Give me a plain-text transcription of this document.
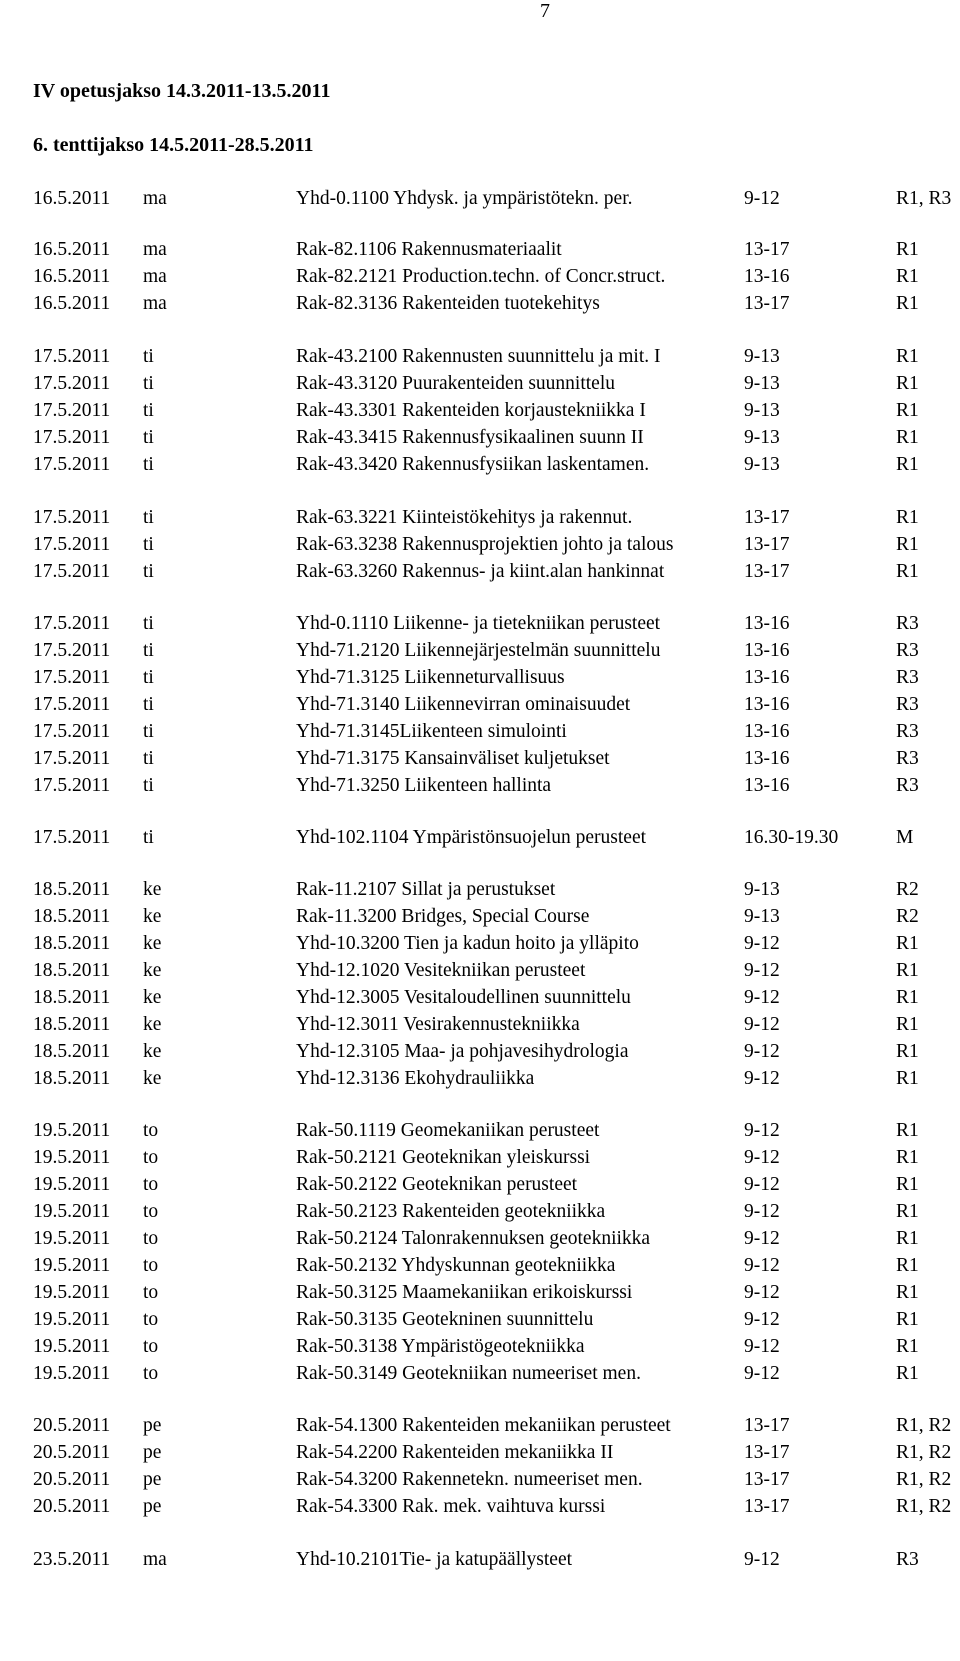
7
IV opetusjakso 14.3.2011-13.5.2011
6. tenttijakso 14.5.2011-28.5.2011
16.5.2011 ma	Yhd-0.1100 Yhdysk. ja ympäristötekn. per.	9-12	R1, R3
16.5.2011 ma	Rak-82.1106 Rakennusmateriaalit	13-17	R1
16.5.2011 ma	Rak-82.2121 Production.techn. of Concr.struct.	13-16	R1
16.5.2011 ma	Rak-82.3136 Rakenteiden tuotekehitys	13-17	R1
17.5.2011 ti	Rak-43.2100 Rakennusten suunnittelu ja mit. I	9-13	R1
17.5.2011 ti	Rak-43.3120 Puurakenteiden suunnittelu	9-13	R1
17.5.2011 ti	Rak-43.3301 Rakenteiden korjaustekniikka I	9-13	R1
17.5.2011 ti	Rak-43.3415 Rakennusfysikaalinen suunn II	9-13	R1
17.5.2011 ti	Rak-43.3420 Rakennusfysiikan laskentamen.	9-13	R1
17.5.2011 ti	Rak-63.3221 Kiinteistökehitys ja rakennut.	13-17	R1
17.5.2011 ti	Rak-63.3238 Rakennusprojektien johto ja talous	13-17	R1
17.5.2011 ti	Rak-63.3260 Rakennus- ja kiint.alan hankinnat	13-17	R1
17.5.2011 ti	Yhd-0.1110 Liikenne- ja tietekniikan perusteet	13-16	R3
17.5.2011 ti	Yhd-71.2120 Liikennejärjestelmän suunnittelu	13-16	R3
17.5.2011 ti	Yhd-71.3125 Liikenneturvallisuus	13-16	R3
17.5.2011 ti	Yhd-71.3140 Liikennevirran ominaisuudet	13-16	R3
17.5.2011 ti	Yhd-71.3145Liikenteen simulointi	13-16	R3
17.5.2011 ti	Yhd-71.3175 Kansainväliset kuljetukset	13-16	R3
17.5.2011 ti	Yhd-71.3250 Liikenteen hallinta	13-16	R3
17.5.2011 ti	Yhd-102.1104 Ympäristönsuojelun perusteet	16.30-19.30	M
18.5.2011 ke	Rak-11.2107 Sillat ja perustukset	9-13	R2
18.5.2011 ke	Rak-11.3200 Bridges, Special Course	9-13	R2
18.5.2011 ke	Yhd-10.3200 Tien ja kadun hoito ja ylläpito	9-12	R1
18.5.2011 ke	Yhd-12.1020 Vesitekniikan perusteet	9-12	R1
18.5.2011 ke	Yhd-12.3005 Vesitaloudellinen suunnittelu	9-12	R1
18.5.2011 ke	Yhd-12.3011 Vesirakennustekniikka	9-12	R1
18.5.2011 ke	Yhd-12.3105 Maa- ja pohjavesihydrologia	9-12	R1
18.5.2011 ke	Yhd-12.3136 Ekohydrauliikka	9-12	R1
19.5.2011 to	Rak-50.1119 Geomekaniikan perusteet	9-12	R1
19.5.2011 to	Rak-50.2121 Geoteknikan yleiskurssi	9-12	R1
19.5.2011 to	Rak-50.2122 Geoteknikan perusteet	9-12	R1
19.5.2011 to	Rak-50.2123 Rakenteiden geotekniikka	9-12	R1
19.5.2011 to	Rak-50.2124 Talonrakennuksen geotekniikka	9-12	R1
19.5.2011 to	Rak-50.2132 Yhdyskunnan geotekniikka	9-12	R1
19.5.2011 to	Rak-50.3125 Maamekaniikan erikoiskurssi	9-12	R1
19.5.2011 to	Rak-50.3135 Geotekninen suunnittelu	9-12	R1
19.5.2011 to	Rak-50.3138 Ympäristögeotekniikka	9-12	R1
19.5.2011 to	Rak-50.3149 Geotekniikan numeeriset men.	9-12	R1
20.5.2011 pe	Rak-54.1300 Rakenteiden mekaniikan perusteet	13-17	R1, R2
20.5.2011 pe	Rak-54.2200 Rakenteiden mekaniikka II	13-17	R1, R2
20.5.2011 pe	Rak-54.3200 Rakennetekn. numeeriset men.	13-17	R1, R2
20.5.2011 pe	Rak-54.3300 Rak. mek. vaihtuva kurssi	13-17	R1, R2
23.5.2011 ma	Yhd-10.2101Tie- ja katupäällysteet	9-12	R3
